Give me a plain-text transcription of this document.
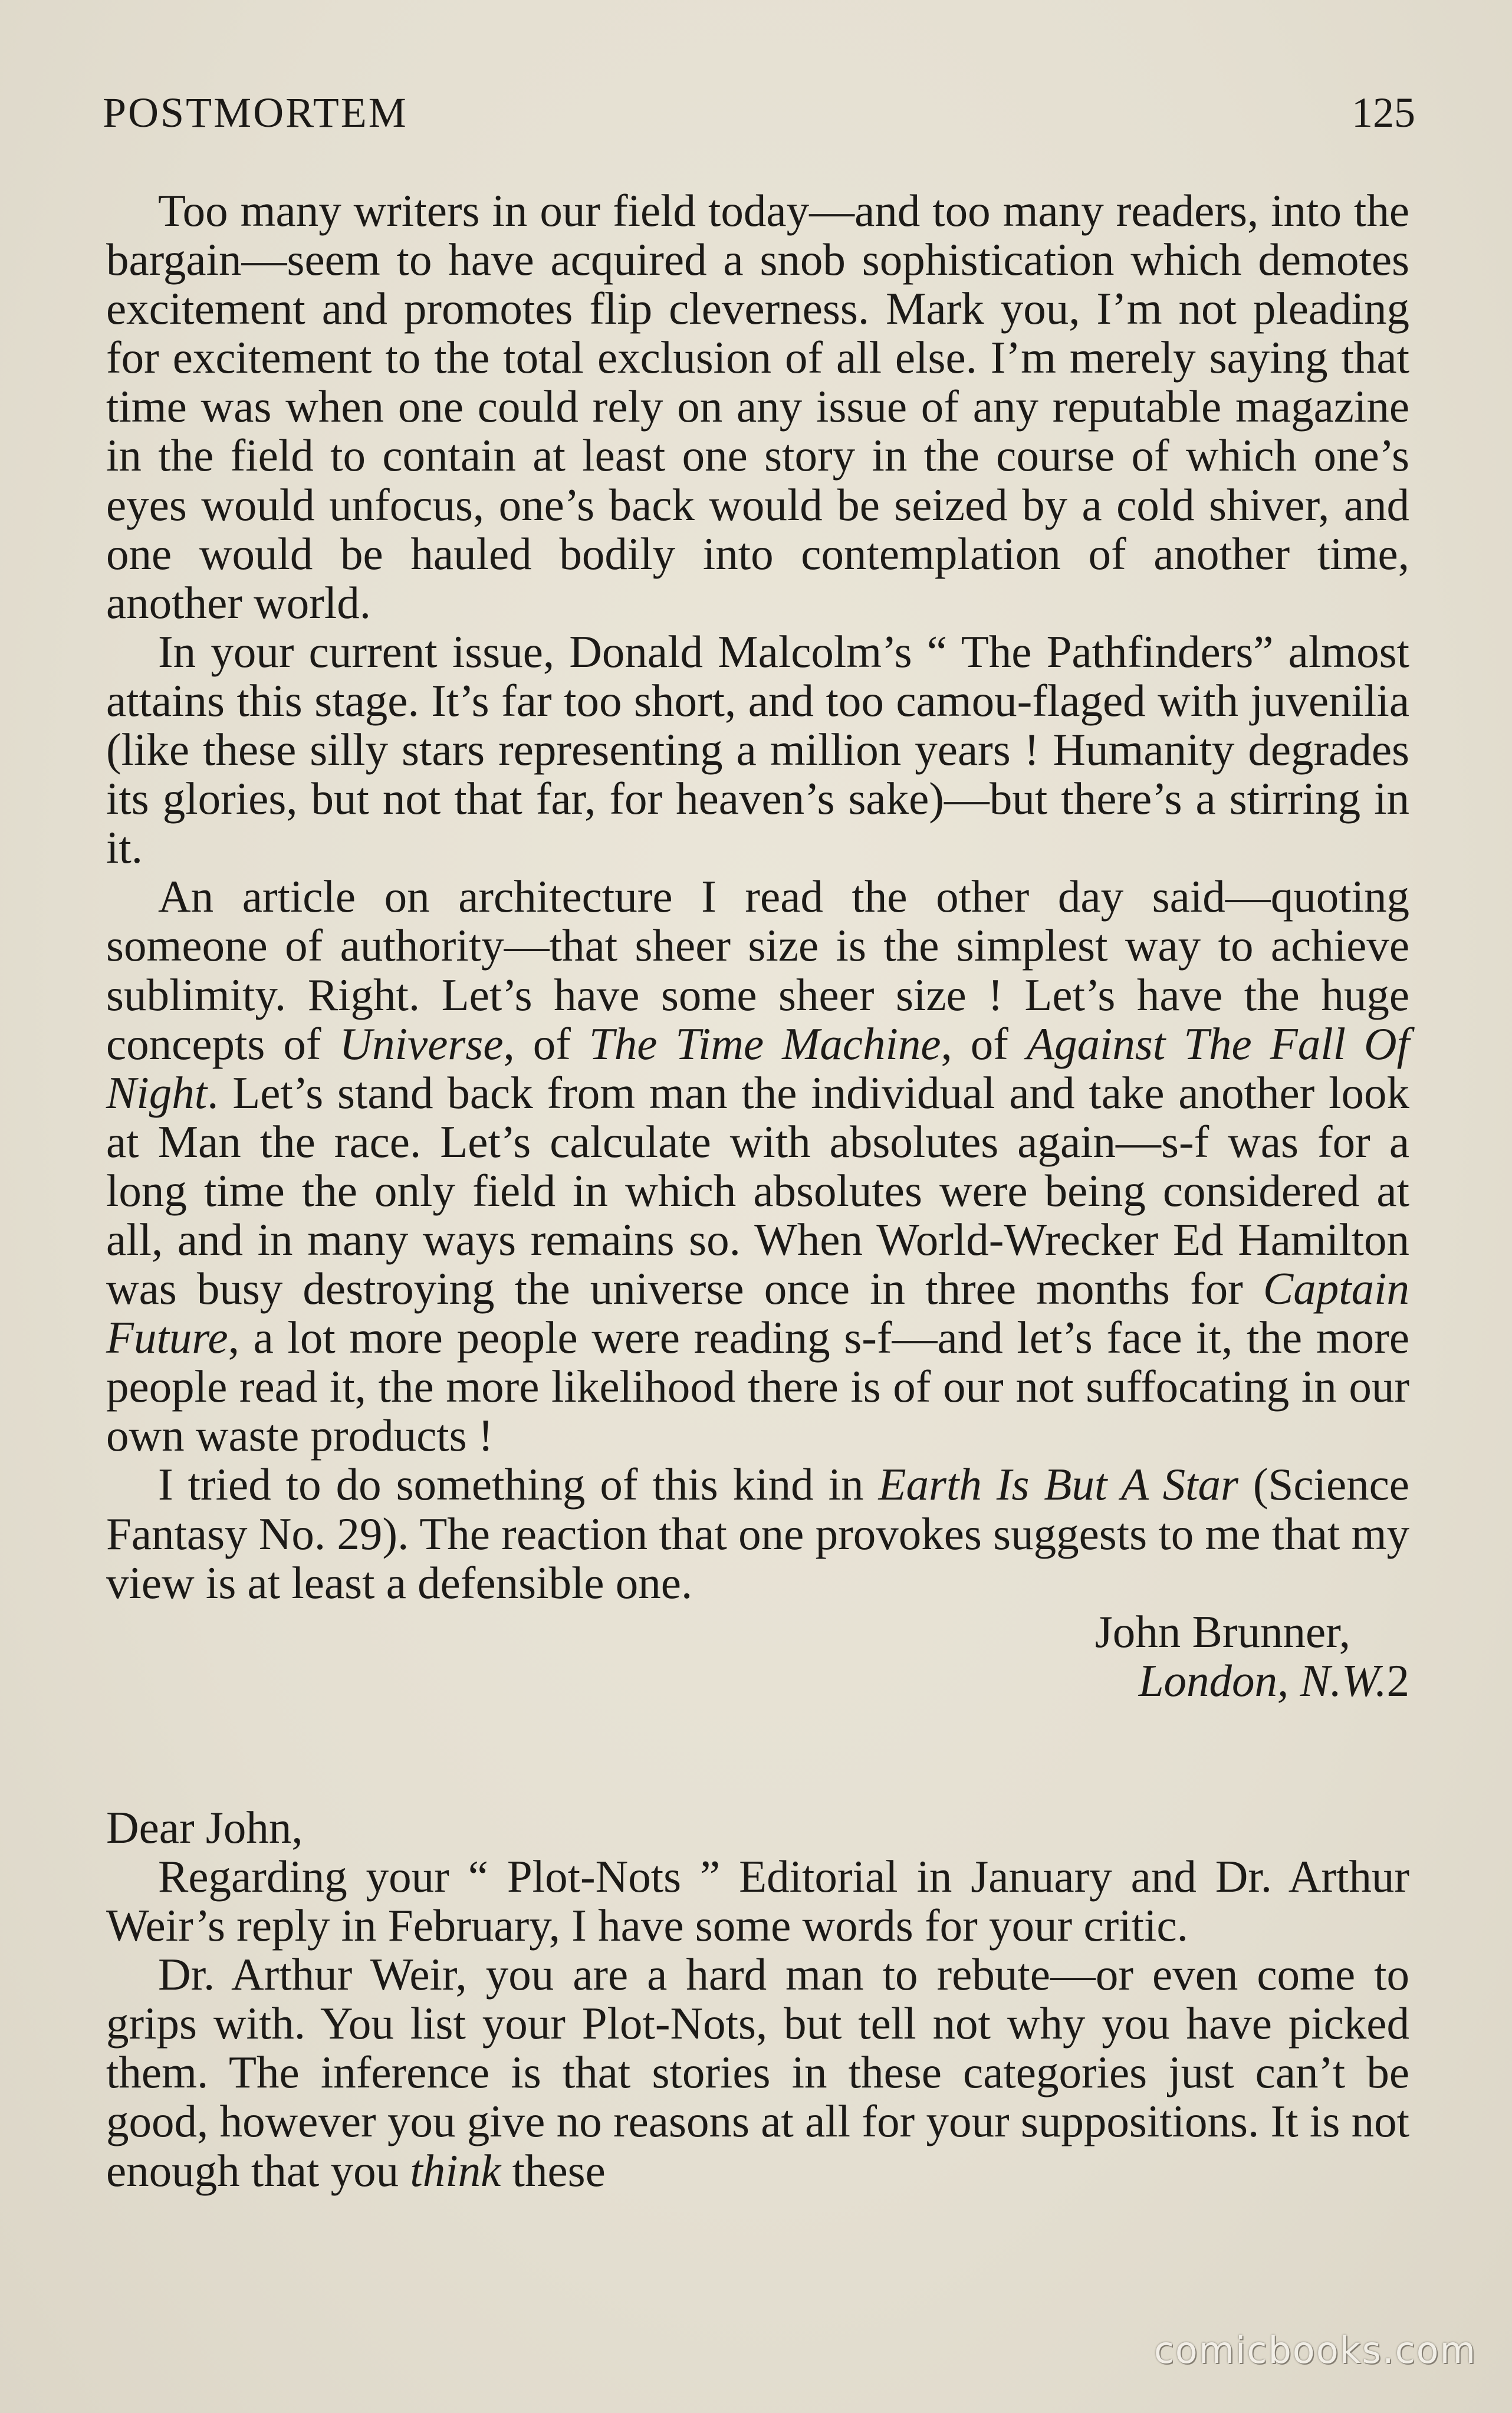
POSTMORTEM	125

Too many writers in our field today—and too many readers, into the bargain—seem to have acquired a snob sophistication which demotes excitement and promotes flip cleverness. Mark you, I’m not pleading for excitement to the total exclusion of all else. I’m merely saying that time was when one could rely on any issue of any reputable magazine in the field to contain at least one story in the course of which one’s eyes would unfocus, one’s back would be seized by a cold shiver, and one would be hauled bodily into contemplation of another time, another world.

In your current issue, Donald Malcolm’s “ The Pathfinders” almost attains this stage. It’s far too short, and too camou-flaged with juvenilia (like these silly stars representing a million years ! Humanity degrades its glories, but not that far, for heaven’s sake)—but there’s a stirring in it.

An article on architecture I read the other day said—quoting someone of authority—that sheer size is the simplest way to achieve sublimity. Right. Let’s have some sheer size ! Let’s have the huge concepts of Universe, of The Time Machine, of Against The Fall Of Night. Let’s stand back from man the individual and take another look at Man the race. Let’s calculate with absolutes again—s-f was for a long time the only field in which absolutes were being considered at all, and in many ways remains so. When World-Wrecker Ed Hamilton was busy destroying the universe once in three months for Captain Future, a lot more people were reading s-f—and let’s face it, the more people read it, the more likelihood there is of our not suffocating in our own waste products !

I tried to do something of this kind in Earth Is But A Star (Science Fantasy No. 29). The reaction that one provokes suggests to me that my view is at least a defensible one.

John Brunner,

London, N.W.2

Dear John,

Regarding your “ Plot-Nots ” Editorial in January and Dr. Arthur Weir’s reply in February, I have some words for your critic.

Dr. Arthur Weir, you are a hard man to rebute—or even come to grips with. You list your Plot-Nots, but tell not why you have picked them. The inference is that stories in these categories just can’t be good, however you give no reasons at all for your suppositions. It is not enough that you think these

comicbooks.com
